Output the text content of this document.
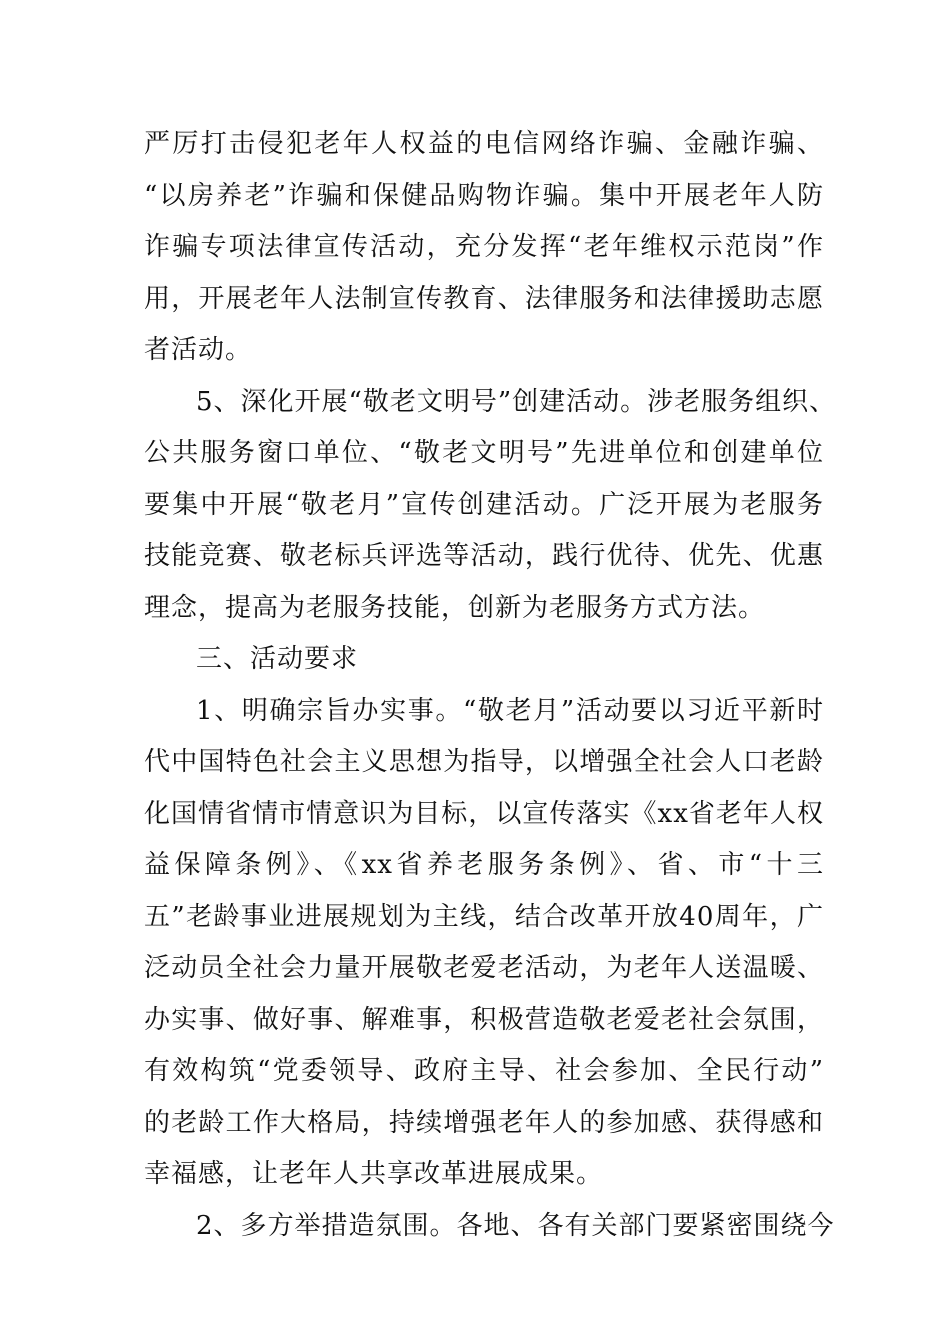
严厉打击侵犯老年人权益的电信网络诈骗、金融诈骗、
“以房养老”诈骗和保健品购物诈骗。集中开展老年人防
诈骗专项法律宣传活动，充分发挥“老年维权示范岗”作
用，开展老年人法制宣传教育、法律服务和法律援助志愿
者活动。
5、深化开展“敬老文明号”创建活动。涉老服务组织、
公共服务窗口单位、“敬老文明号”先进单位和创建单位
要集中开展“敬老月”宣传创建活动。广泛开展为老服务
技能竞赛、敬老标兵评选等活动，践行优待、优先、优惠
理念，提高为老服务技能，创新为老服务方式方法。
三、活动要求
1、明确宗旨办实事。“敬老月”活动要以习近平新时
代中国特色社会主义思想为指导，以增强全社会人口老龄
化国情省情市情意识为目标，以宣传落实《xx省老年人权
益保障条例》、《xx省养老服务条例》、省、市“十三
五”老龄事业进展规划为主线，结合改革开放40周年，广
泛动员全社会力量开展敬老爱老活动，为老年人送温暖、
办实事、做好事、解难事，积极营造敬老爱老社会氛围，
有效构筑“党委领导、政府主导、社会参加、全民行动”
的老龄工作大格局，持续增强老年人的参加感、获得感和
幸福感，让老年人共享改革进展成果。
2、多方举措造氛围。各地、各有关部门要紧密围绕今
